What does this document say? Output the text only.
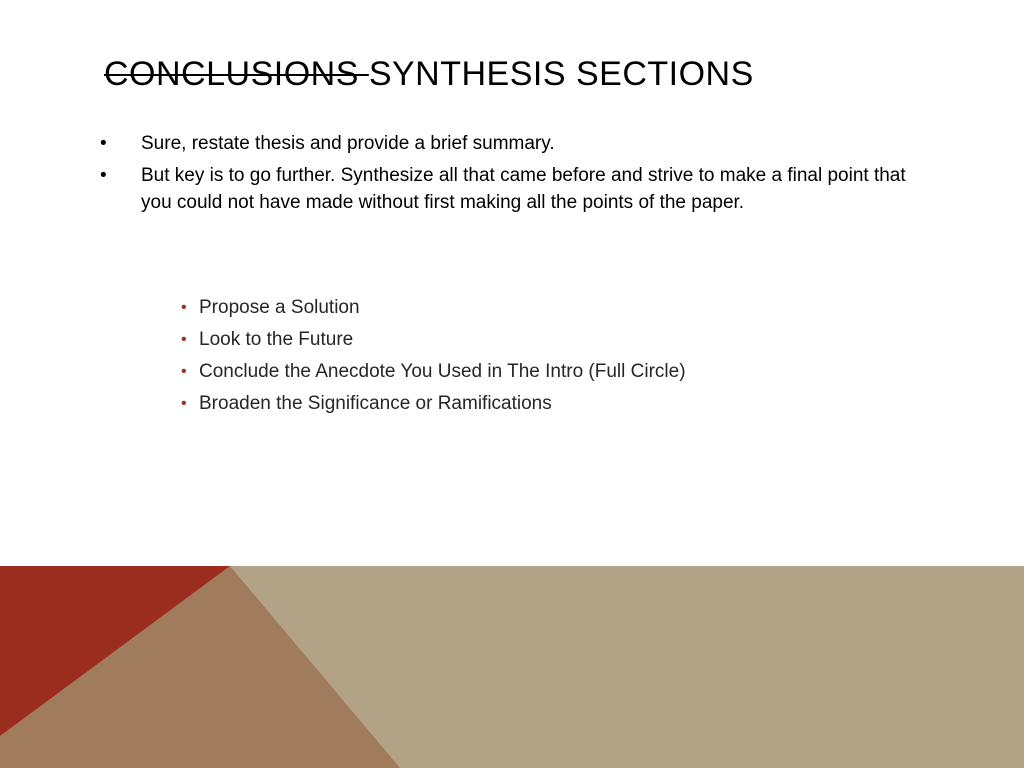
CONCLUSIONS SYNTHESIS SECTIONS
•	Sure, restate thesis and provide a brief summary.
•	But key is to go further. Synthesize all that came before and strive to make a final point that you could not have made without first making all the points of the paper.
• Propose a Solution
• Look to the Future
• Conclude the Anecdote You Used in The Intro (Full Circle)
• Broaden the Significance or Ramifications
